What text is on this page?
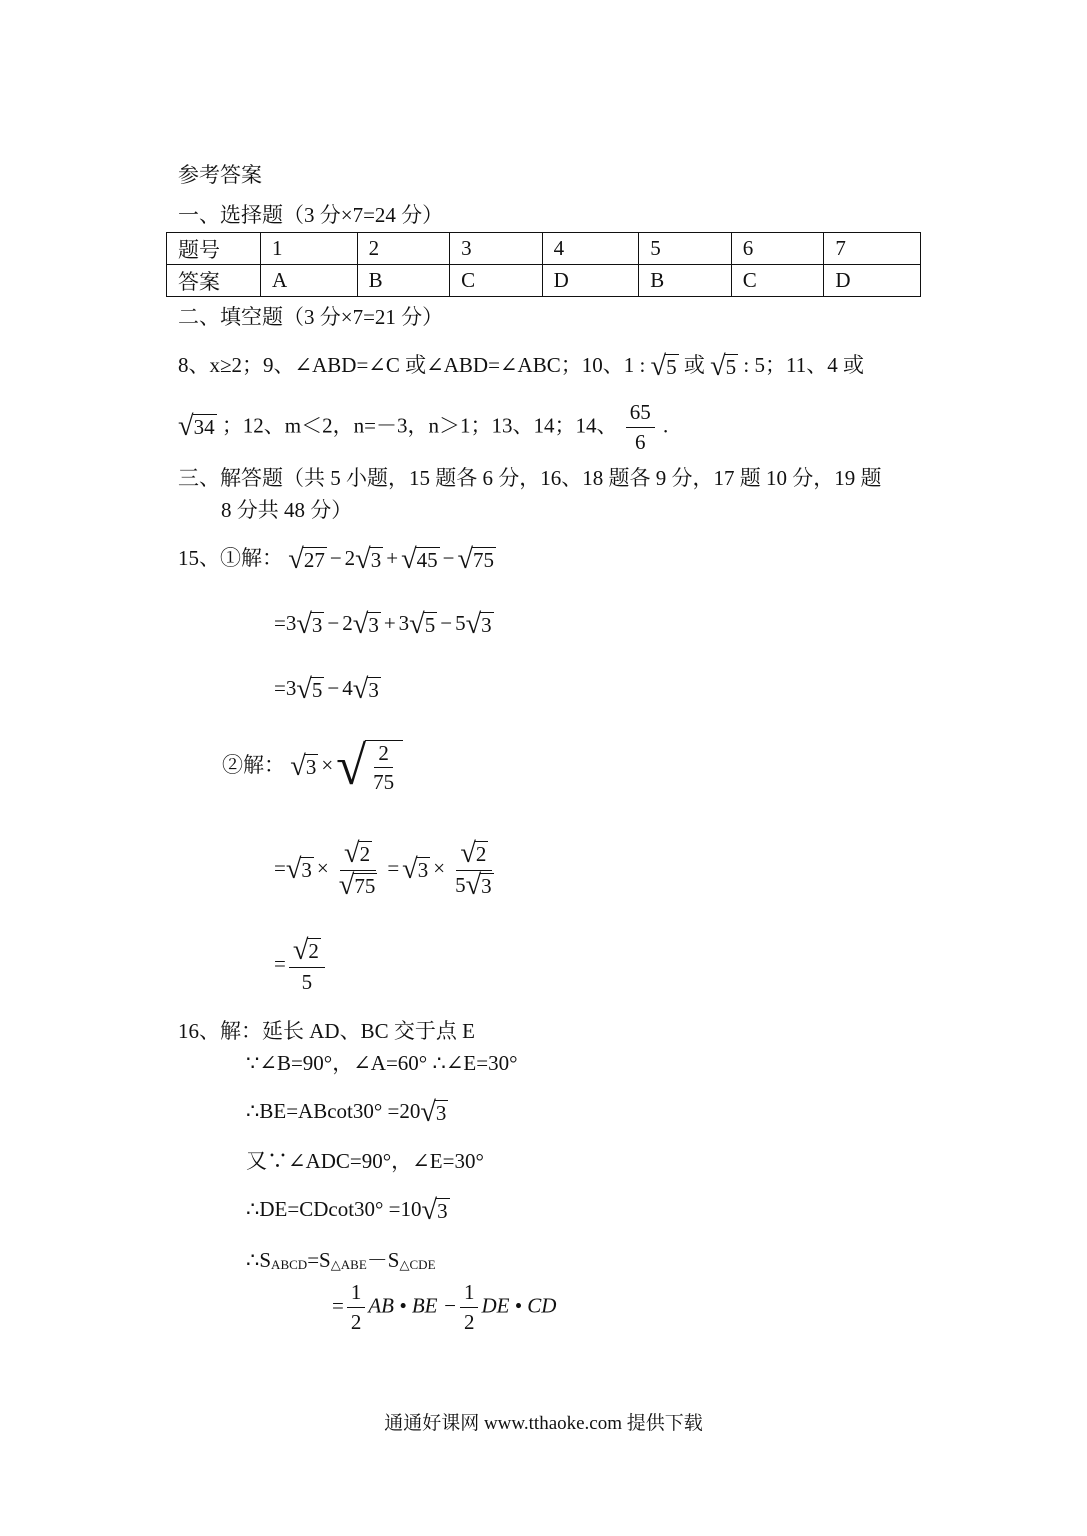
参考答案
一、选择题（3 分×7=24 分）
题号	1	2	3	4	5	6	7
答案	A	B	C	D	B	C	D
二、填空题（3 分×7=21 分）
8、x≥2；9、∠ABD=∠C 或∠ABD=∠ABC；10、1 : √ 5 或 √ 5 : 5；11、4 或
√ 34 ；12、m＜2，n=－3，n＞1；13、14；14、 $\frac{65}{6}$ .
三、解答题（共 5 小题，15 题各 6 分，16、18 题各 9 分，17 题 10 分，19 题
8 分共 48 分）
15、①解： √ 27 − 2 √ 3 + √ 45 − √ 75
=3 √ 3 − 2 √ 3 + 3 √ 5 − 5 √ 3
=3 √ 5 − 4 √ 3
②解： √ 3 × √ $\frac{2}{75}$
= √ $3 \times \frac{√ 2}{√ 75}$ = √ $3 \times \frac{√ 2}{5 √ 3}$
= $\frac{√ 2}{5}$
16、解：延长 AD、BC 交于点 E
∵∠B=90°，∠A=60° ∴∠E=30°
∴BE=ABcot30° =20 √ 3
又∵∠ADC=90°，∠E=30°
∴DE=CDcot30° =10 √ 3
∴SABCD=S△ABE－S△CDE
= $\frac{1}{2}$ AB • BE − $\frac{1}{2}$ DE • CD
通通好课网 www.tthaoke.com 提供下载
